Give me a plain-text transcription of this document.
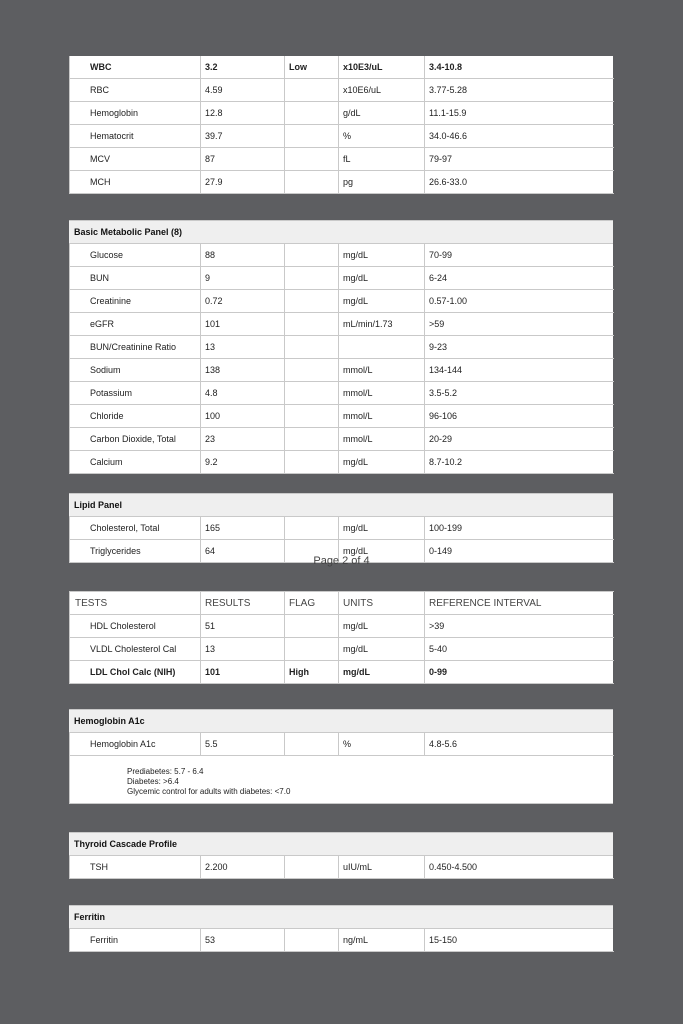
WBC	3.2	Low	x10E3/uL	3.4-10.8
RBC	4.59		x10E6/uL	3.77-5.28
Hemoglobin	12.8		g/dL	11.1-15.9
Hematocrit	39.7		%	34.0-46.6
MCV	87		fL	79-97
MCH	27.9		pg	26.6-33.0
Basic Metabolic Panel (8)
Glucose	88		mg/dL	70-99
BUN	9		mg/dL	6-24
Creatinine	0.72		mg/dL	0.57-1.00
eGFR	101		mL/min/1.73	>59
BUN/Creatinine Ratio	13			9-23
Sodium	138		mmol/L	134-144
Potassium	4.8		mmol/L	3.5-5.2
Chloride	100		mmol/L	96-106
Carbon Dioxide, Total	23		mmol/L	20-29
Calcium	9.2		mg/dL	8.7-10.2
Lipid Panel
Cholesterol, Total	165		mg/dL	100-199
Triglycerides	64		mg/dL	0-149
Page 2 of 4
TESTS	RESULTS	FLAG	UNITS	REFERENCE INTERVAL
HDL Cholesterol	51		mg/dL	>39
VLDL Cholesterol Cal	13		mg/dL	5-40
LDL Chol Calc (NIH)	101	High	mg/dL	0-99
Hemoglobin A1c
Hemoglobin A1c	5.5		%	4.8-5.6
Prediabetes: 5.7 - 6.4
Diabetes: >6.4
Glycemic control for adults with diabetes: <7.0
Thyroid Cascade Profile
TSH	2.200		uIU/mL	0.450-4.500
Ferritin
Ferritin	53		ng/mL	15-150
